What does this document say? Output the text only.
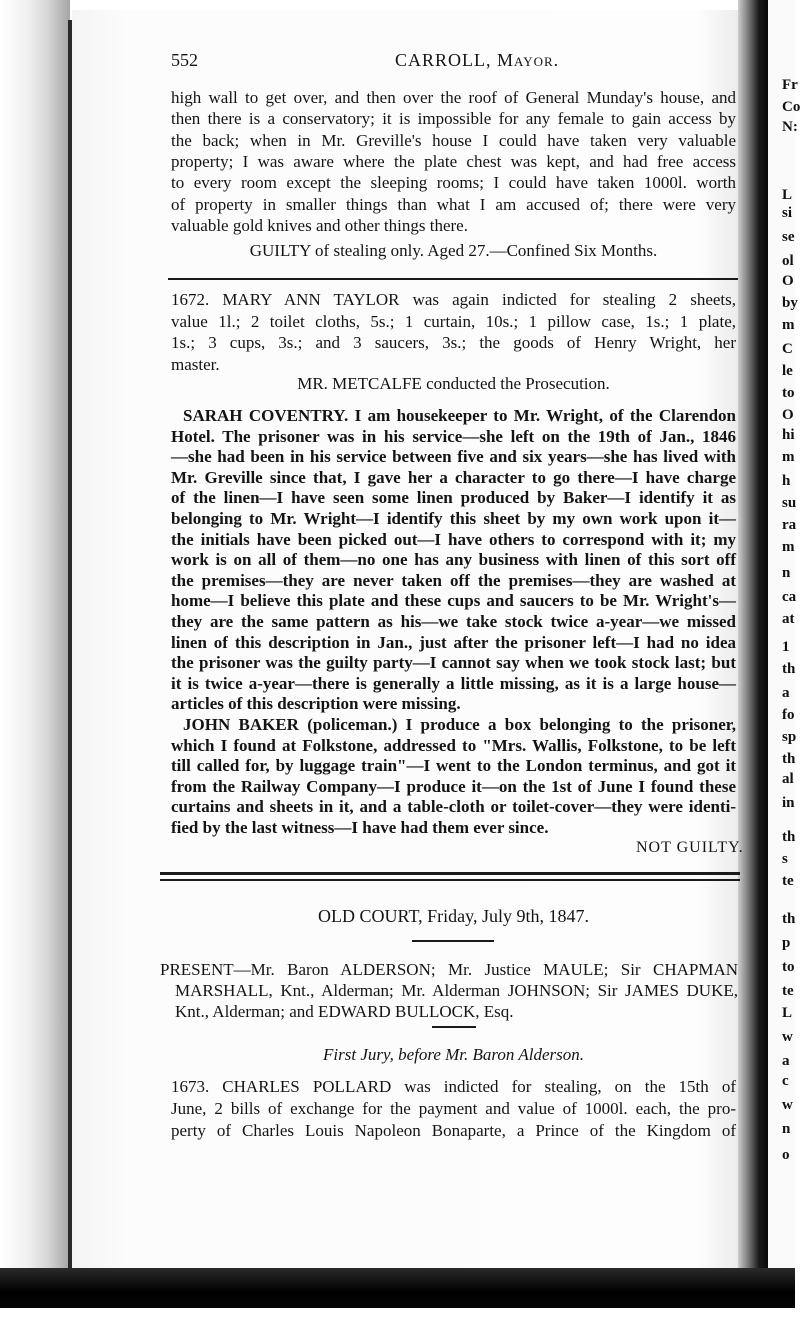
Fr
Co
N:
L
si
se
ol
O
by
m
C
le
to
O
hi
m
h
su
ra
m
n
ca
at
1
th
a
fo
sp
th
al
in
th
s
te
th
p
to
te
L
w
a
c
w
n
o
552	CARROLL, Mayor.
high wall to get over, and then over the roof of General Munday's house, and
then there is a conservatory; it is impossible for any female to gain access by
the back; when in Mr. Greville's house I could have taken very valuable
property; I was aware where the plate chest was kept, and had free access
to every room except the sleeping rooms; I could have taken 1000l. worth
of property in smaller things than what I am accused of; there were very
valuable gold knives and other things there.
GUILTY of stealing only. Aged 27.—Confined Six Months.
1672. MARY ANN TAYLOR was again indicted for stealing 2 sheets,
value 1l.; 2 toilet cloths, 5s.; 1 curtain, 10s.; 1 pillow case, 1s.; 1 plate,
1s.; 3 cups, 3s.; and 3 saucers, 3s.; the goods of Henry Wright, her
master.
MR. METCALFE conducted the Prosecution.
SARAH COVENTRY. I am housekeeper to Mr. Wright, of the Clarendon
Hotel. The prisoner was in his service—she left on the 19th of Jan., 1846
—she had been in his service between five and six years—she has lived with
Mr. Greville since that, I gave her a character to go there—I have charge
of the linen—I have seen some linen produced by Baker—I identify it as
belonging to Mr. Wright—I identify this sheet by my own work upon it—
the initials have been picked out—I have others to correspond with it; my
work is on all of them—no one has any business with linen of this sort off
the premises—they are never taken off the premises—they are washed at
home—I believe this plate and these cups and saucers to be Mr. Wright's—
they are the same pattern as his—we take stock twice a-year—we missed
linen of this description in Jan., just after the prisoner left—I had no idea
the prisoner was the guilty party—I cannot say when we took stock last; but
it is twice a-year—there is generally a little missing, as it is a large house—
articles of this description were missing.
JOHN BAKER (policeman.) I produce a box belonging to the prisoner,
which I found at Folkstone, addressed to "Mrs. Wallis, Folkstone, to be left
till called for, by luggage train"—I went to the London terminus, and got it
from the Railway Company—I produce it—on the 1st of June I found these
curtains and sheets in it, and a table-cloth or toilet-cover—they were identi-
fied by the last witness—I have had them ever since.
NOT GUILTY.
OLD COURT, Friday, July 9th, 1847.
PRESENT—Mr. Baron ALDERSON; Mr. Justice MAULE; Sir CHAPMAN
MARSHALL, Knt., Alderman; Mr. Alderman JOHNSON; Sir JAMES DUKE,
Knt., Alderman; and EDWARD BULLOCK, Esq.
First Jury, before Mr. Baron Alderson.
1673. CHARLES POLLARD was indicted for stealing, on the 15th of
June, 2 bills of exchange for the payment and value of 1000l. each, the pro-
perty of Charles Louis Napoleon Bonaparte, a Prince of the Kingdom of
